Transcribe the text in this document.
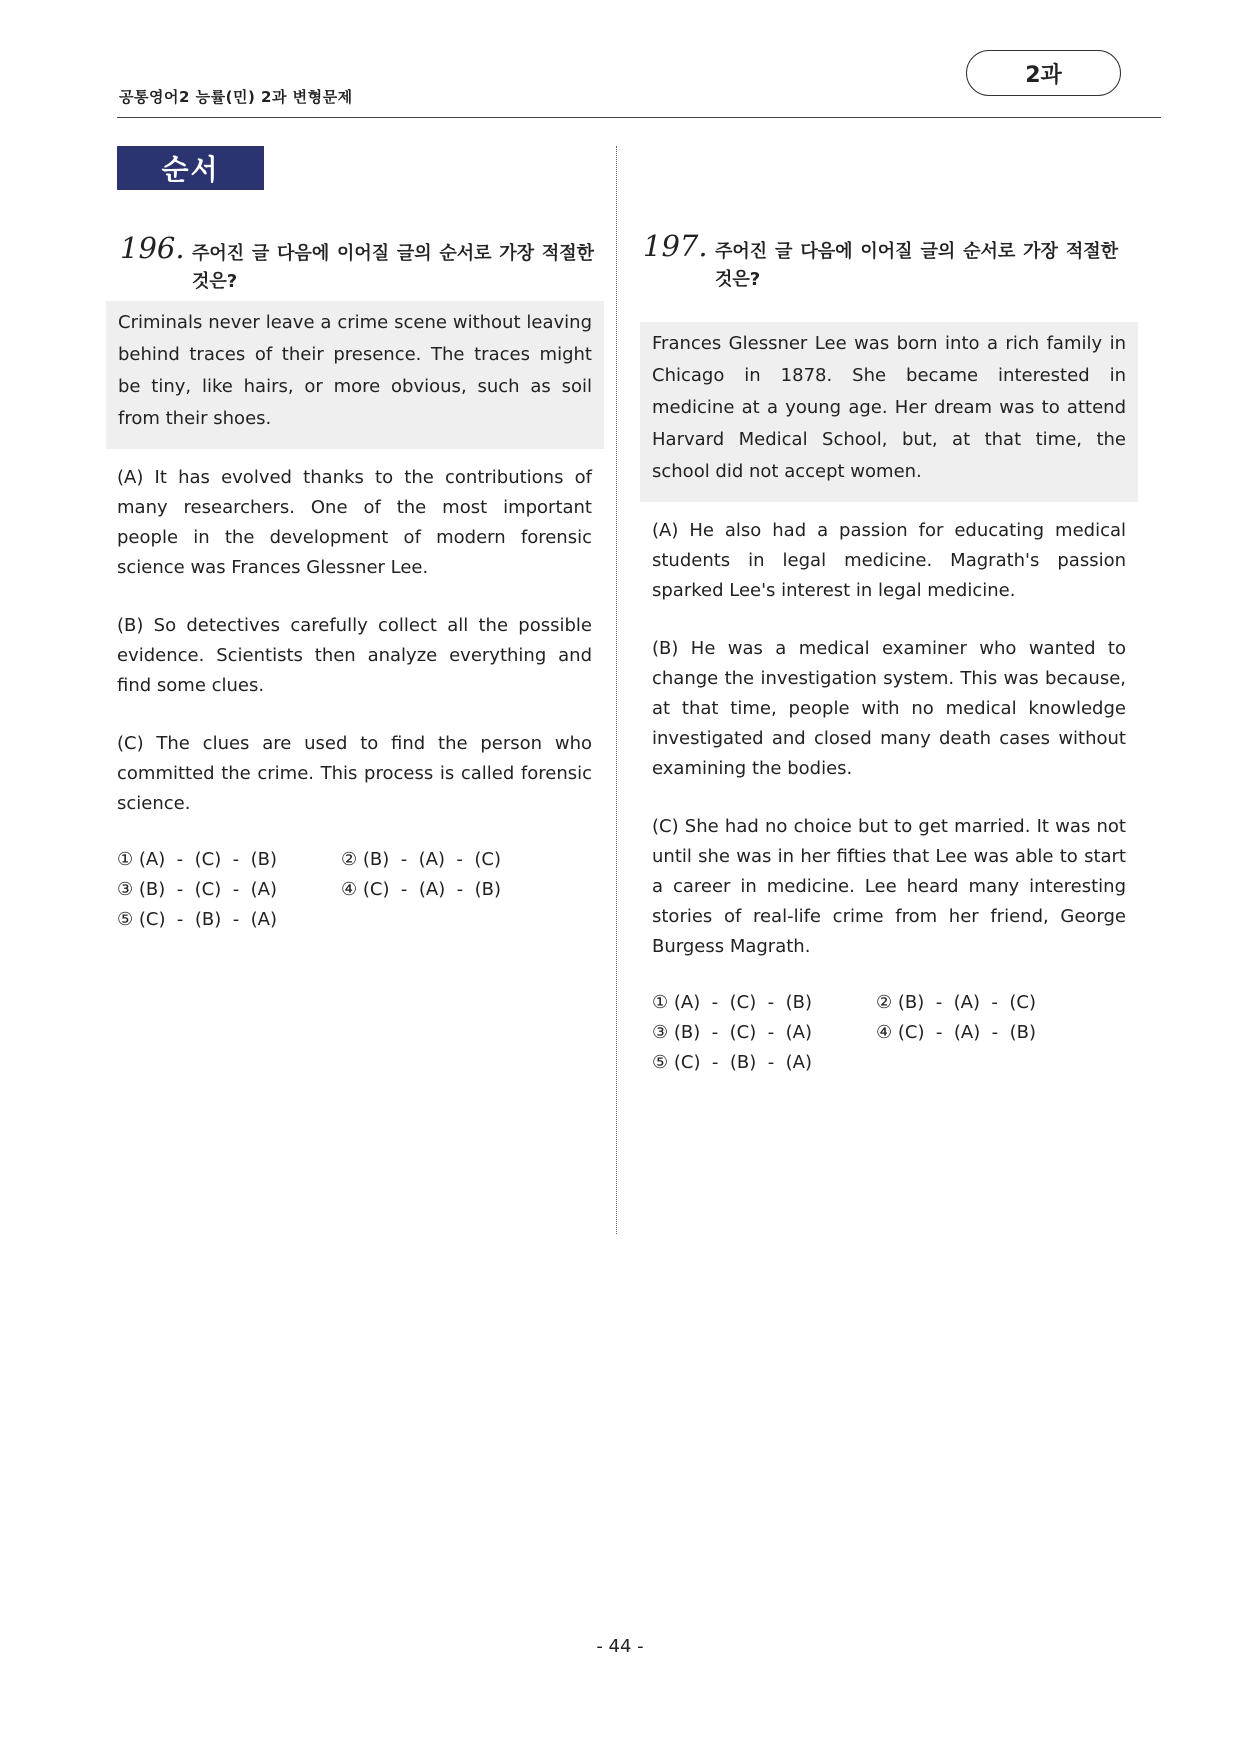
공통영어2 능률(민) 2과 변형문제
2과
순서
196. 주어진 글 다음에 이어질 글의 순서로 가장 적절한 것은?
Criminals never leave a crime scene without leaving behind traces of their presence. The traces might be tiny, like hairs, or more obvious, such as soil from their shoes.
(A) It has evolved thanks to the contributions of many researchers. One of the most important people in the development of modern forensic science was Frances Glessner Lee.
(B) So detectives carefully collect all the possible evidence. Scientists then analyze everything and find some clues.
(C) The clues are used to find the person who committed the crime. This process is called forensic science.
① (A)  -  (C)  -  (B)	② (B)  -  (A)  -  (C)
③ (B)  -  (C)  -  (A)	④ (C)  -  (A)  -  (B)
⑤ (C)  -  (B)  -  (A)
197. 주어진 글 다음에 이어질 글의 순서로 가장 적절한 것은?
Frances Glessner Lee was born into a rich family in Chicago in 1878. She became interested in medicine at a young age. Her dream was to attend Harvard Medical School, but, at that time, the school did not accept women.
(A) He also had a passion for educating medical students in legal medicine. Magrath's passion sparked Lee's interest in legal medicine.
(B) He was a medical examiner who wanted to change the investigation system. This was because, at that time, people with no medical knowledge investigated and closed many death cases without examining the bodies.
(C) She had no choice but to get married. It was not until she was in her fifties that Lee was able to start a career in medicine. Lee heard many interesting stories of real-life crime from her friend, George Burgess Magrath.
① (A)  -  (C)  -  (B)	② (B)  -  (A)  -  (C)
③ (B)  -  (C)  -  (A)	④ (C)  -  (A)  -  (B)
⑤ (C)  -  (B)  -  (A)
- 44 -
